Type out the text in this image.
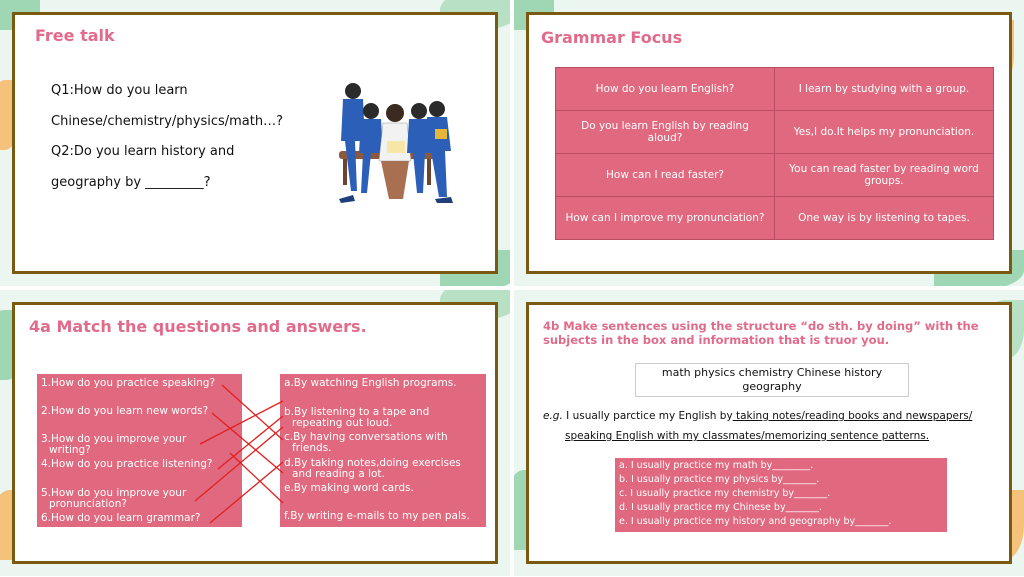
Free talk
Q1:How do you learn
Chinese/chemistry/physics/math…?
Q2:Do you learn history and
geography by _________?
Grammar Focus
How do you learn English?	I learn by studying with a group.
Do you learn English by reading aloud?	Yes,I do.It helps my pronunciation.
How can I read faster?	You can read faster by reading word groups.
How can I improve my pronunciation?	One way is by listening to tapes.
4a Match the questions and answers.
1.How do you practice speaking?
2.How do you learn new words?
3.How do you improve your
writing?
4.How do you practice listening?
5.How do you improve your
pronunciation?
6.How do you learn grammar?
a.By watching English programs.
b.By listening to a tape and
repeating out loud.
c.By having conversations with
friends.
d.By taking notes,doing exercises
and reading a lot.
e.By making word cards.
f.By writing e-mails to my pen pals.
4b Make sentences using the structure “do sth. by doing” with the
subjects in the box and information that is truor you.
math physics chemistry Chinese history
geography
e.g. I usually parctice my English by taking notes/reading books and newspapers/
speaking English with my classmates/memorizing sentence patterns.
a. I usually practice my math by________.
b. I usually practice my physics by_______.
c. I usually practice my chemistry by_______.
d. I usually practice my Chinese by_______.
e. I usually practice my history and geography by_______.
